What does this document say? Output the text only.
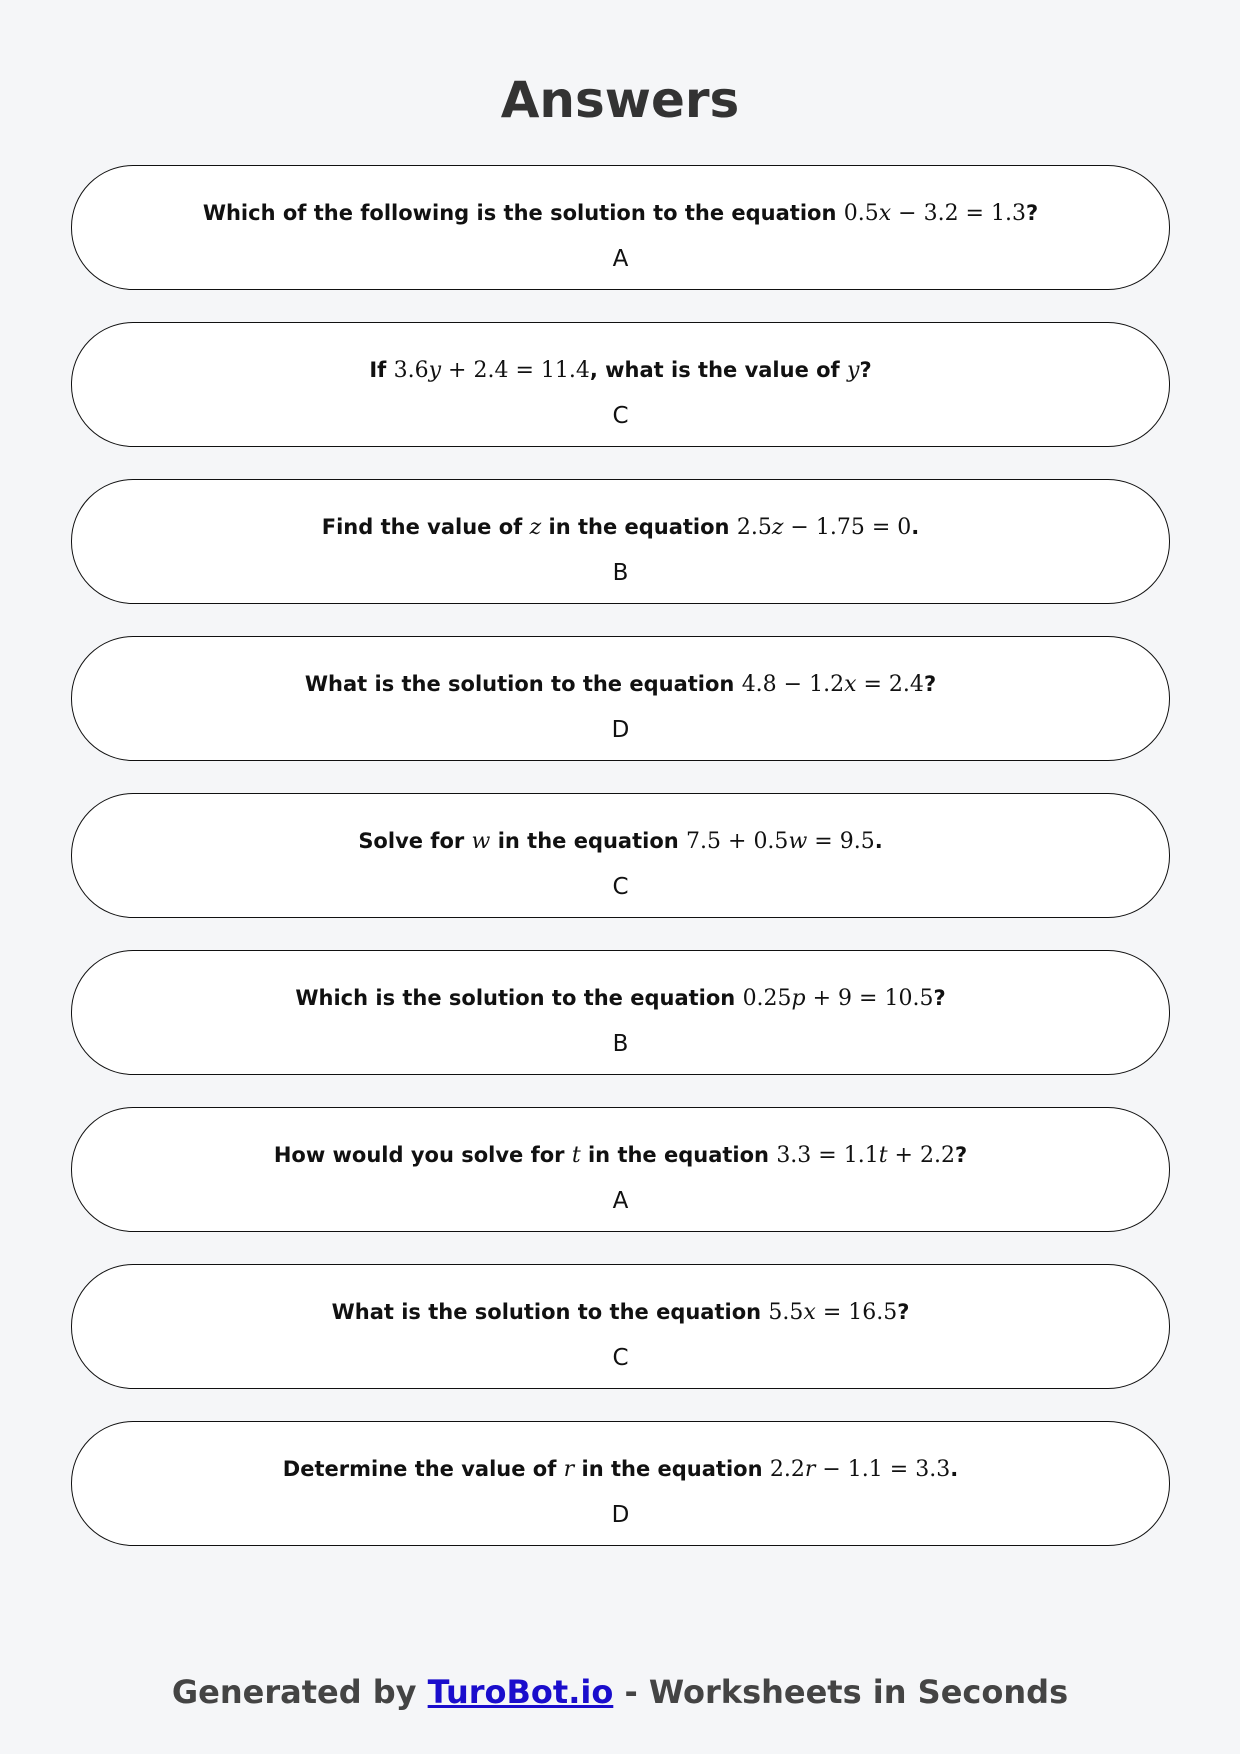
Answers
Which of the following is the solution to the equation 0.5x − 3.2 = 1.3?
A
If 3.6y + 2.4 = 11.4, what is the value of y?
C
Find the value of z in the equation 2.5z − 1.75 = 0.
B
What is the solution to the equation 4.8 − 1.2x = 2.4?
D
Solve for w in the equation 7.5 + 0.5w = 9.5.
C
Which is the solution to the equation 0.25p + 9 = 10.5?
B
How would you solve for t in the equation 3.3 = 1.1t + 2.2?
A
What is the solution to the equation 5.5x = 16.5?
C
Determine the value of r in the equation 2.2r − 1.1 = 3.3.
D
Generated by TuroBot.io - Worksheets in Seconds
